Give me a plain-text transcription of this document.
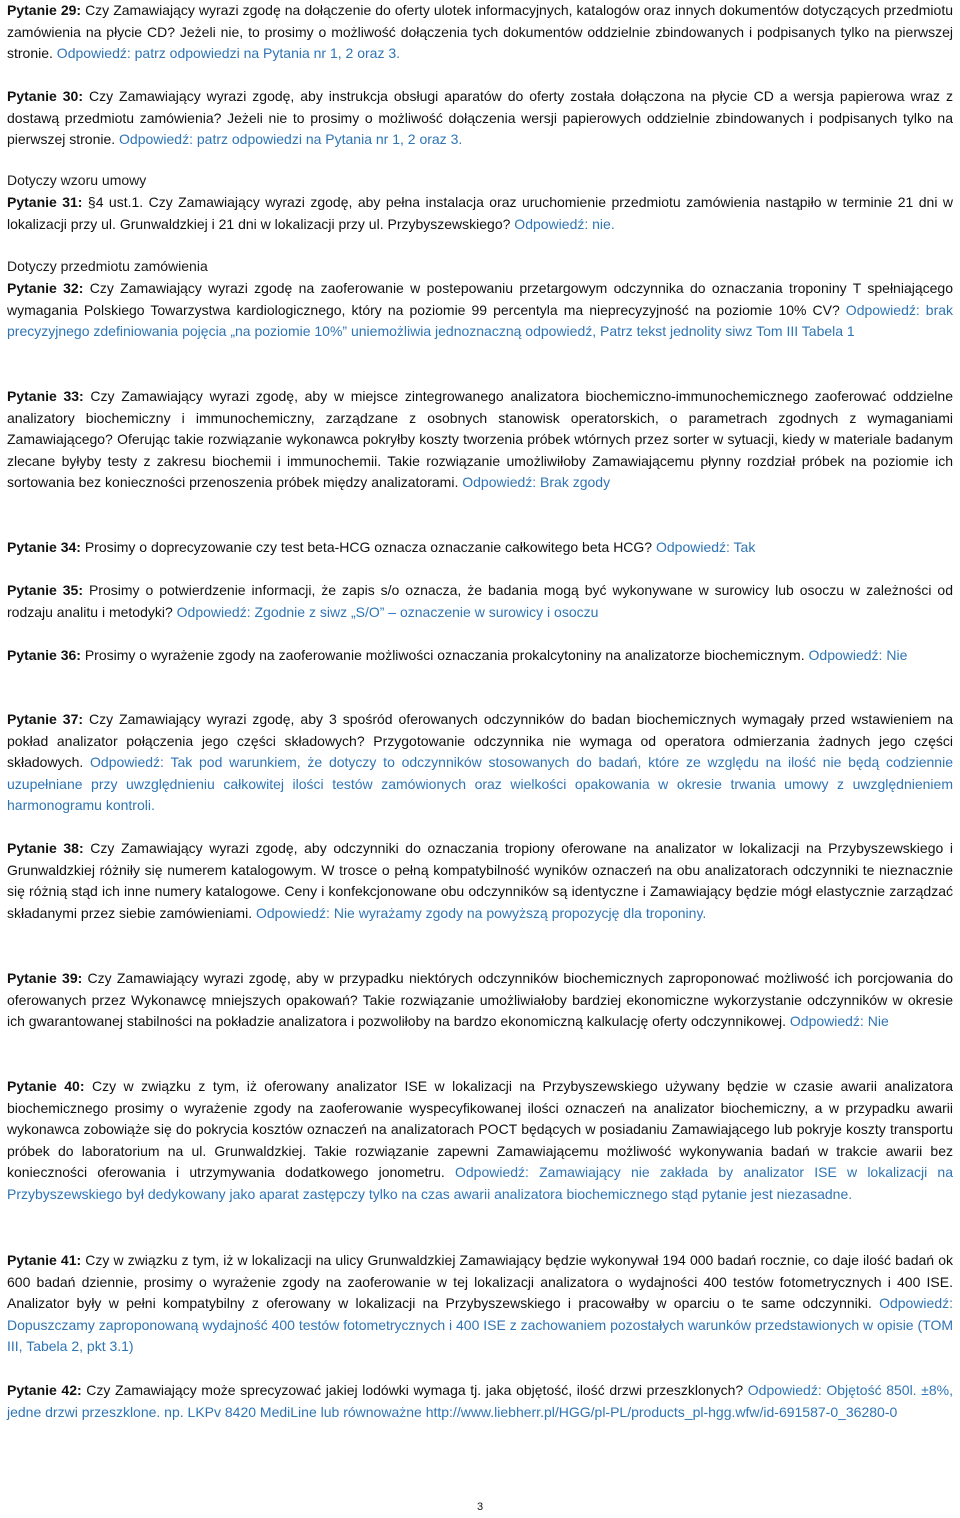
Pytanie 29: Czy Zamawiający wyrazi zgodę na dołączenie do oferty ulotek informacyjnych, katalogów oraz innych dokumentów dotyczących przedmiotu zamówienia na płycie CD? Jeżeli nie, to prosimy o możliwość dołączenia tych dokumentów oddzielnie zbindowanych i podpisanych tylko na pierwszej stronie. Odpowiedź: patrz odpowiedzi na Pytania nr 1, 2 oraz 3.

Pytanie 30: Czy Zamawiający wyrazi zgodę, aby instrukcja obsługi aparatów do oferty została dołączona na płycie CD a wersja papierowa wraz z dostawą przedmiotu zamówienia? Jeżeli nie to prosimy o możliwość dołączenia wersji papierowych oddzielnie zbindowanych i podpisanych tylko na pierwszej stronie. Odpowiedź: patrz odpowiedzi na Pytania nr 1, 2 oraz 3.

Dotyczy wzoru umowy

Pytanie 31: §4 ust.1. Czy Zamawiający wyrazi zgodę, aby pełna instalacja oraz uruchomienie przedmiotu zamówienia nastąpiło w terminie 21 dni w lokalizacji przy ul. Grunwaldzkiej i 21 dni w lokalizacji przy ul. Przybyszewskiego? Odpowiedź: nie.

Dotyczy przedmiotu zamówienia

Pytanie 32: Czy Zamawiający wyrazi zgodę na zaoferowanie w postepowaniu przetargowym odczynnika do oznaczania troponiny T spełniającego wymagania Polskiego Towarzystwa kardiologicznego, który na poziomie 99 percentyla ma nieprecyzyjność na poziomie 10% CV? Odpowiedź: brak precyzyjnego zdefiniowania pojęcia „na poziomie 10%” uniemożliwia jednoznaczną odpowiedź, Patrz tekst jednolity siwz Tom III Tabela 1

Pytanie 33: Czy Zamawiający wyrazi zgodę, aby w miejsce zintegrowanego analizatora biochemiczno-immunochemicznego zaoferować oddzielne analizatory biochemiczny i immunochemiczny, zarządzane z osobnych stanowisk operatorskich, o parametrach zgodnych z wymaganiami Zamawiającego? Oferując takie rozwiązanie wykonawca pokryłby koszty tworzenia próbek wtórnych przez sorter w sytuacji, kiedy w materiale badanym zlecane byłyby testy z zakresu biochemii i immunochemii. Takie rozwiązanie umożliwiłoby Zamawiającemu płynny rozdział próbek na poziomie ich sortowania bez konieczności przenoszenia próbek między analizatorami. Odpowiedź: Brak zgody

Pytanie 34: Prosimy o doprecyzowanie czy test beta-HCG oznacza oznaczanie całkowitego beta HCG? Odpowiedź: Tak

Pytanie 35: Prosimy o potwierdzenie informacji, że zapis s/o oznacza, że badania mogą być wykonywane w surowicy lub osoczu w zależności od rodzaju analitu i metodyki? Odpowiedź: Zgodnie z siwz „S/O” – oznaczenie w surowicy i osoczu

Pytanie 36: Prosimy o wyrażenie zgody na zaoferowanie możliwości oznaczania prokalcytoniny na analizatorze biochemicznym. Odpowiedź: Nie

Pytanie 37: Czy Zamawiający wyrazi zgodę, aby 3 spośród oferowanych odczynników do badan biochemicznych wymagały przed wstawieniem na pokład analizator połączenia jego części składowych? Przygotowanie odczynnika nie wymaga od operatora odmierzania żadnych jego części składowych. Odpowiedź: Tak pod warunkiem, że dotyczy to odczynników stosowanych do badań, które ze względu na ilość nie będą codziennie uzupełniane przy uwzględnieniu całkowitej ilości testów zamówionych oraz wielkości opakowania w okresie trwania umowy z uwzględnieniem harmonogramu kontroli.

Pytanie 38: Czy Zamawiający wyrazi zgodę, aby odczynniki do oznaczania tropiony oferowane na analizator w lokalizacji na Przybyszewskiego i Grunwaldzkiej różniły się numerem katalogowym. W trosce o pełną kompatybilność wyników oznaczeń na obu analizatorach odczynniki te nieznacznie się różnią stąd ich inne numery katalogowe. Ceny i konfekcjonowane obu odczynników są identyczne i Zamawiający będzie mógł elastycznie zarządzać składanymi przez siebie zamówieniami. Odpowiedź: Nie wyrażamy zgody na powyższą propozycję dla troponiny.

Pytanie 39: Czy Zamawiający wyrazi zgodę, aby w przypadku niektórych odczynników biochemicznych zaproponować możliwość ich porcjowania do oferowanych przez Wykonawcę mniejszych opakowań? Takie rozwiązanie umożliwiałoby bardziej ekonomiczne wykorzystanie odczynników w okresie ich gwarantowanej stabilności na pokładzie analizatora i pozwoliłoby na bardzo ekonomiczną kalkulację oferty odczynnikowej. Odpowiedź: Nie

Pytanie 40: Czy w związku z tym, iż oferowany analizator ISE w lokalizacji na Przybyszewskiego używany będzie w czasie awarii analizatora biochemicznego prosimy o wyrażenie zgody na zaoferowanie wyspecyfikowanej ilości oznaczeń na analizator biochemiczny, a w przypadku awarii wykonawca zobowiąże się do pokrycia kosztów oznaczeń na analizatorach POCT będących w posiadaniu Zamawiającego lub pokryje koszty transportu próbek do laboratorium na ul. Grunwaldzkiej. Takie rozwiązanie zapewni Zamawiającemu możliwość wykonywania badań w trakcie awarii bez konieczności oferowania i utrzymywania dodatkowego jonometru. Odpowiedź: Zamawiający nie zakłada by analizator ISE w lokalizacji na Przybyszewskiego był dedykowany jako aparat zastępczy tylko na czas awarii analizatora biochemicznego stąd pytanie jest niezasadne.

Pytanie 41: Czy w związku z tym, iż w lokalizacji na ulicy Grunwaldzkiej Zamawiający będzie wykonywał 194 000 badań rocznie, co daje ilość badań ok 600 badań dziennie, prosimy o wyrażenie zgody na zaoferowanie w tej lokalizacji analizatora o wydajności 400 testów fotometrycznych i 400 ISE. Analizator były w pełni kompatybilny z oferowany w lokalizacji na Przybyszewskiego i pracowałby w oparciu o te same odczynniki. Odpowiedź: Dopuszczamy zaproponowaną wydajność 400 testów fotometrycznych i 400 ISE z zachowaniem pozostałych warunków przedstawionych w opisie (TOM III, Tabela 2, pkt 3.1)

Pytanie 42: Czy Zamawiający może sprecyzować jakiej lodówki wymaga tj. jaka objętość, ilość drzwi przeszklonych? Odpowiedź: Objętość 850l. ±8%, jedne drzwi przeszklone. np. LKPv 8420 MediLine lub równoważne http://www.liebherr.pl/HGG/pl-PL/products_pl-hgg.wfw/id-691587-0_36280-0

3
